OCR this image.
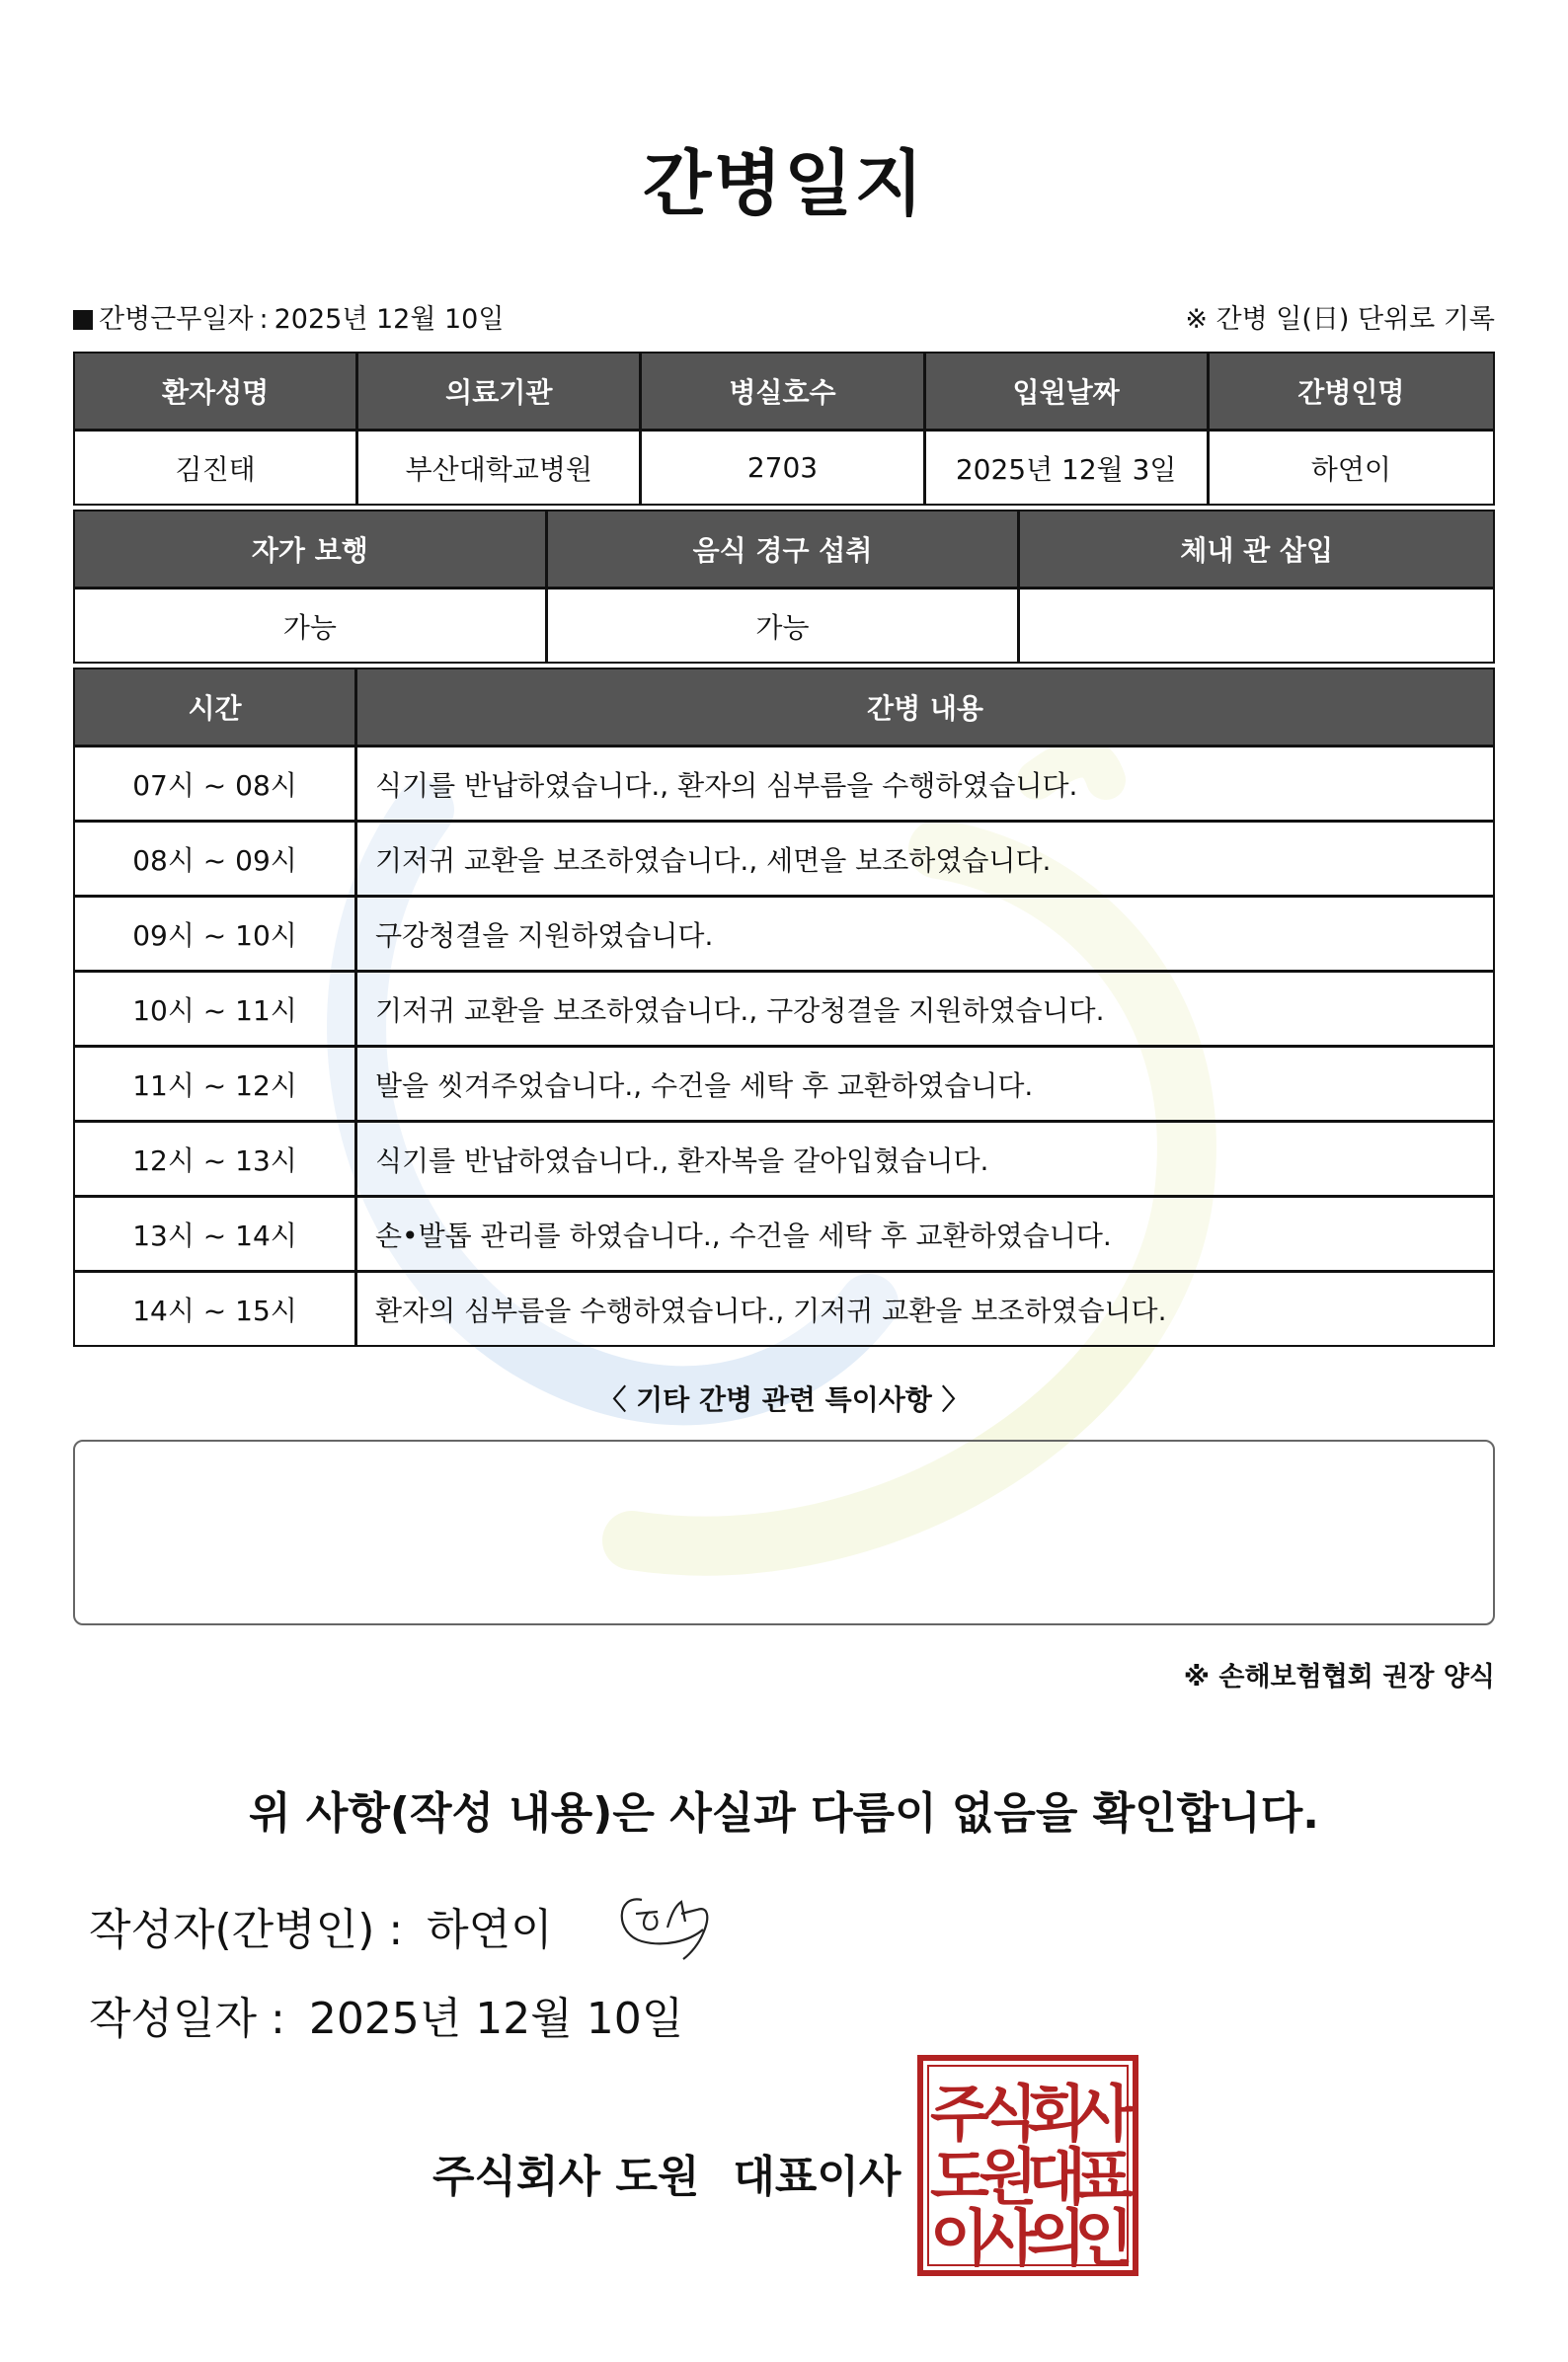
간병일지
간병근무일자 : 2025년 12월 10일	※ 간병 일(日) 단위로 기록
환자성명	의료기관	병실호수	입원날짜	간병인명
김진태	부산대학교병원	2703	2025년 12월 3일	하연이
자가 보행	음식 경구 섭취	체내 관 삽입
가능	가능	
시간	간병 내용
07시 ~ 08시	식기를 반납하였습니다., 환자의 심부름을 수행하였습니다.
08시 ~ 09시	기저귀 교환을 보조하였습니다., 세면을 보조하였습니다.
09시 ~ 10시	구강청결을 지원하였습니다.
10시 ~ 11시	기저귀 교환을 보조하였습니다., 구강청결을 지원하였습니다.
11시 ~ 12시	발을 씻겨주었습니다., 수건을 세탁 후 교환하였습니다.
12시 ~ 13시	식기를 반납하였습니다., 환자복을 갈아입혔습니다.
13시 ~ 14시	손•발톱 관리를 하였습니다., 수건을 세탁 후 교환하였습니다.
14시 ~ 15시	환자의 심부름을 수행하였습니다., 기저귀 교환을 보조하였습니다.
〈 기타 간병 관련 특이사항 〉
※ 손해보험협회 권장 양식
위 사항(작성 내용)은 사실과 다름이 없음을 확인합니다.
작성자(간병인) : 하연이
작성일자 : 2025년 12월 10일
주식회사 도원 대표이사
주
식
회
사
도
원
대
표
이
사
의
인
